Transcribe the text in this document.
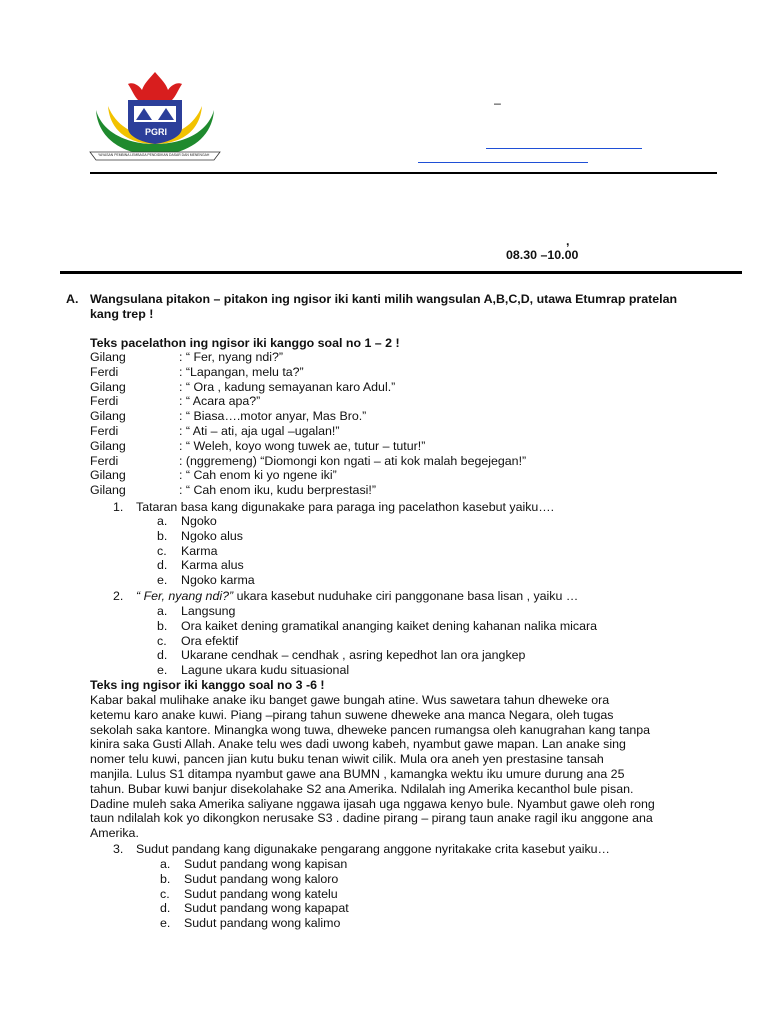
PGRI
YAYASAN PEMBINA LEMBAGA PENDIDIKAN DASAR DAN MENENGAH
–
,
08.30 –10.00
A. Wangsulana pitakon – pitakon ing ngisor iki kanti milih wangsulan A,B,C,D, utawa Etumrap pratelan
kang trep !
Teks pacelathon ing ngisor iki kanggo soal no 1 – 2 !
Gilang	: “ Fer, nyang ndi?”
Ferdi	: “Lapangan, melu ta?”
Gilang	: “ Ora , kadung semayanan karo Adul.”
Ferdi	: “ Acara apa?”
Gilang	: “ Biasa….motor anyar, Mas Bro.”
Ferdi	: “ Ati – ati, aja ugal –ugalan!”
Gilang	: “ Weleh, koyo wong tuwek ae, tutur – tutur!”
Ferdi	: (nggremeng) “Diomongi kon ngati – ati kok malah begejegan!”
Gilang	: “ Cah enom ki yo ngene iki”
Gilang	: “ Cah enom iku, kudu berprestasi!”
1. Tataran basa kang digunakake para paraga ing pacelathon kasebut yaiku….
a. Ngoko
b. Ngoko alus
c. Karma
d. Karma alus
e. Ngoko karma
2. “ Fer, nyang ndi?” ukara kasebut nuduhake ciri panggonane basa lisan , yaiku …
a. Langsung
b. Ora kaiket dening gramatikal ananging kaiket dening kahanan nalika micara
c. Ora efektif
d. Ukarane cendhak – cendhak , asring kepedhot lan ora jangkep
e. Lagune ukara kudu situasional
Teks ing ngisor iki kanggo soal no 3 -6 !
Kabar bakal mulihake anake iku banget gawe bungah atine. Wus sawetara tahun dheweke ora
ketemu karo anake kuwi. Piang –pirang tahun suwene dheweke ana manca Negara, oleh tugas
sekolah saka kantore. Minangka wong tuwa, dheweke pancen rumangsa oleh kanugrahan kang tanpa
kinira saka Gusti Allah. Anake telu wes dadi uwong kabeh, nyambut gawe mapan. Lan anake sing
nomer telu kuwi, pancen jian kutu buku tenan wiwit cilik. Mula ora aneh yen prestasine tansah
manjila. Lulus S1 ditampa nyambut gawe ana BUMN , kamangka wektu iku umure durung ana 25
tahun. Bubar kuwi banjur disekolahake S2 ana Amerika. Ndilalah ing Amerika kecanthol bule pisan.
Dadine muleh saka Amerika saliyane nggawa ijasah uga nggawa kenyo bule. Nyambut gawe oleh rong
taun ndilalah kok yo dikongkon nerusake S3 . dadine pirang – pirang taun anake ragil iku anggone ana
Amerika.
3. Sudut pandang kang digunakake pengarang anggone nyritakake crita kasebut yaiku…
a. Sudut pandang wong kapisan
b. Sudut pandang wong kaloro
c. Sudut pandang wong katelu
d. Sudut pandang wong kapapat
e. Sudut pandang wong kalimo
